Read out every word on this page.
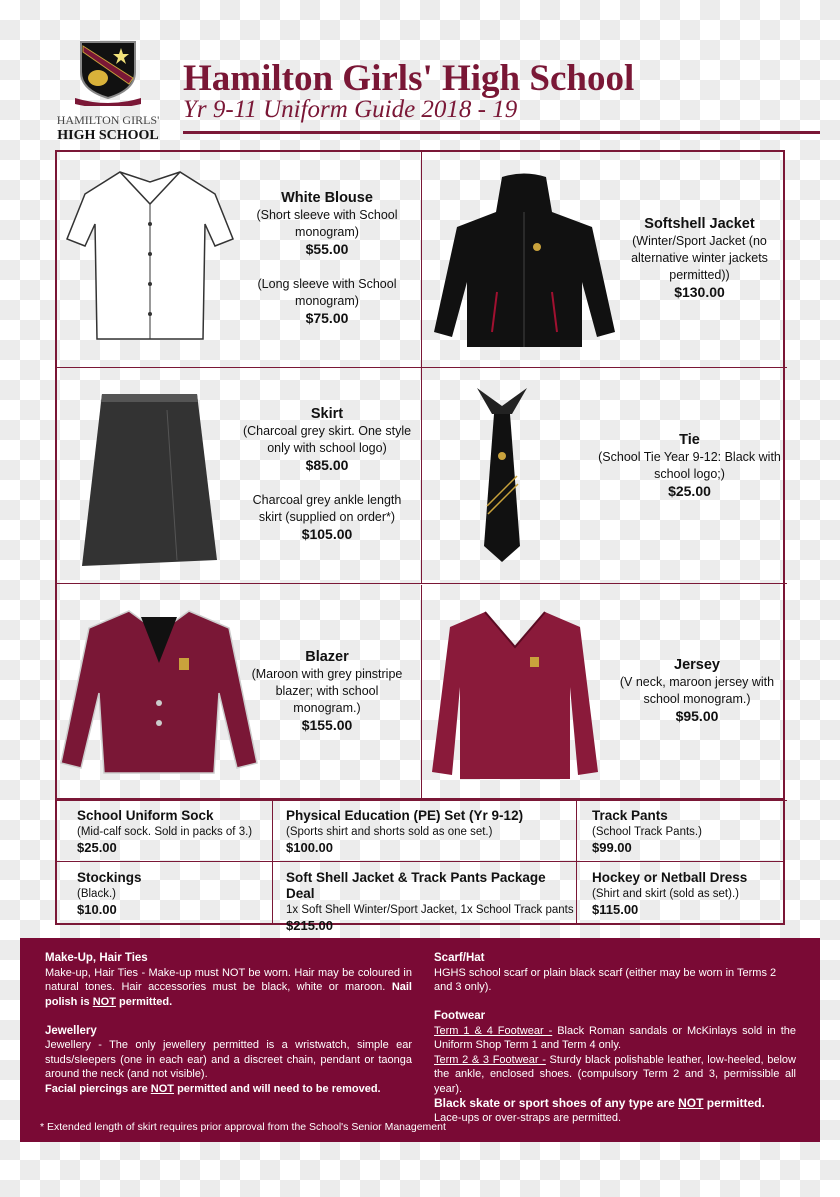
HAMILTON GIRLS'
HIGH SCHOOL
Hamilton Girls' High School
Yr 9-11 Uniform Guide 2018 - 19
White Blouse
(Short sleeve with School monogram)
$55.00

(Long sleeve with School monogram)
$75.00
Softshell Jacket
(Winter/Sport Jacket (no alternative winter jackets permitted))
$130.00
Skirt
(Charcoal grey skirt. One style only with school logo)
$85.00

Charcoal grey ankle length skirt (supplied on order*)
$105.00
Tie
(School Tie Year 9-12: Black with school logo;)
$25.00
Blazer
(Maroon with grey pinstripe blazer; with school monogram.)
$155.00
Jersey
(V neck, maroon jersey with school monogram.)
$95.00
School Uniform Sock
(Mid-calf sock. Sold in packs of 3.)
$25.00
Physical Education (PE) Set (Yr 9-12)
(Sports shirt and shorts sold as one set.)
$100.00
Track Pants
(School Track Pants.)
$99.00
Stockings
(Black.)
$10.00
Soft Shell Jacket & Track Pants Package Deal
1x Soft Shell Winter/Sport Jacket, 1x School Track pants
$215.00
Hockey or Netball Dress
(Shirt and skirt (sold as set).)
$115.00
Make-Up, Hair Ties

Make-up, Hair Ties - Make-up must NOT be worn. Hair may be coloured in natural tones. Hair accessories must be black, white or maroon. Nail polish is NOT permitted.

Jewellery

Jewellery - The only jewellery permitted is a wristwatch, simple ear studs/sleepers (one in each ear) and a discreet chain, pendant or taonga around the neck (and not visible).

Facial piercings are NOT permitted and will need to be removed.

Scarf/Hat

HGHS school scarf or plain black scarf (either may be worn in Terms 2 and 3 only).

Footwear

Term 1 & 4 Footwear - Black Roman sandals or McKinlays sold in the Uniform Shop Term 1 and Term 4 only.

Term 2 & 3 Footwear - Sturdy black polishable leather, low-heeled, below the ankle, enclosed shoes. (compulsory Term 2 and 3, permissible all year).

Black skate or sport shoes of any type are NOT permitted.

Lace-ups or over-straps are permitted.

* Extended length of skirt requires prior approval from the School's Senior Management
